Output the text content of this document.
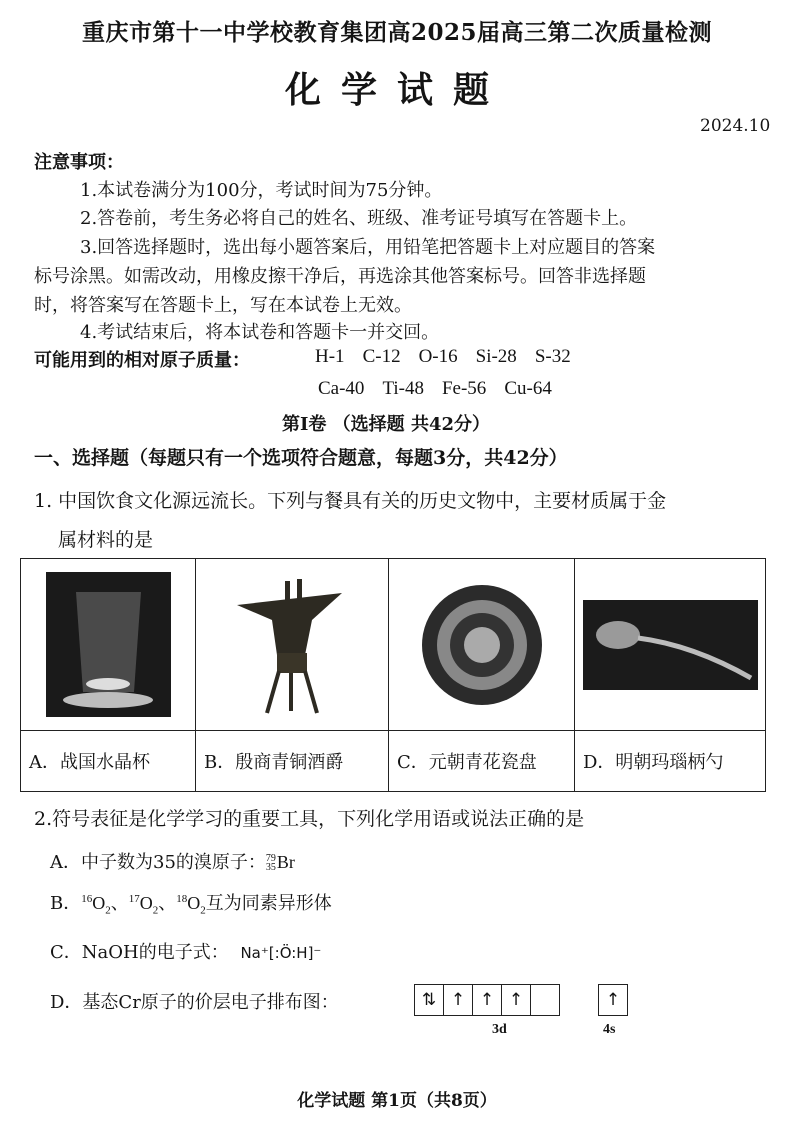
重庆市第十一中学校教育集团高2025届高三第二次质量检测
化学试题
2024.10
注意事项：
1.本试卷满分为100分，考试时间为75分钟。
2.答卷前，考生务必将自己的姓名、班级、准考证号填写在答题卡上。
3.回答选择题时，选出每小题答案后，用铅笔把答题卡上对应题目的答案
标号涂黑。如需改动，用橡皮擦干净后，再选涂其他答案标号。回答非选择题
时，将答案写在答题卡上，写在本试卷上无效。
4.考试结束后，将本试卷和答题卡一并交回。
可能用到的相对原子质量：	H-1 C-12 O-16 Si-28 S-32
Ca-40 Ti-48 Fe-56 Cu-64
第Ⅰ卷 （选择题 共42分）
一、选择题（每题只有一个选项符合题意，每题3分，共42分）
1. 中国饮食文化源远流长。下列与餐具有关的历史文物中，主要材质属于金
属材料的是
A．战国水晶杯	B．殷商青铜酒爵	C．元朝青花瓷盘	D．明朝玛瑙柄勺
2.符号表征是化学学习的重要工具，下列化学用语或说法正确的是
A．中子数为35的溴原子： 79
35 Br
B．$^{16}O_2$、$^{17}O_2$、$^{18}O_2$互为同素异形体
C．NaOH的电子式： Na⁺[:Ö:H]⁻
D．基态Cr原子的价层电子排布图：	⇅ ↑ ↑ ↑	↑
3d	4s
化学试题 第1页（共8页）
